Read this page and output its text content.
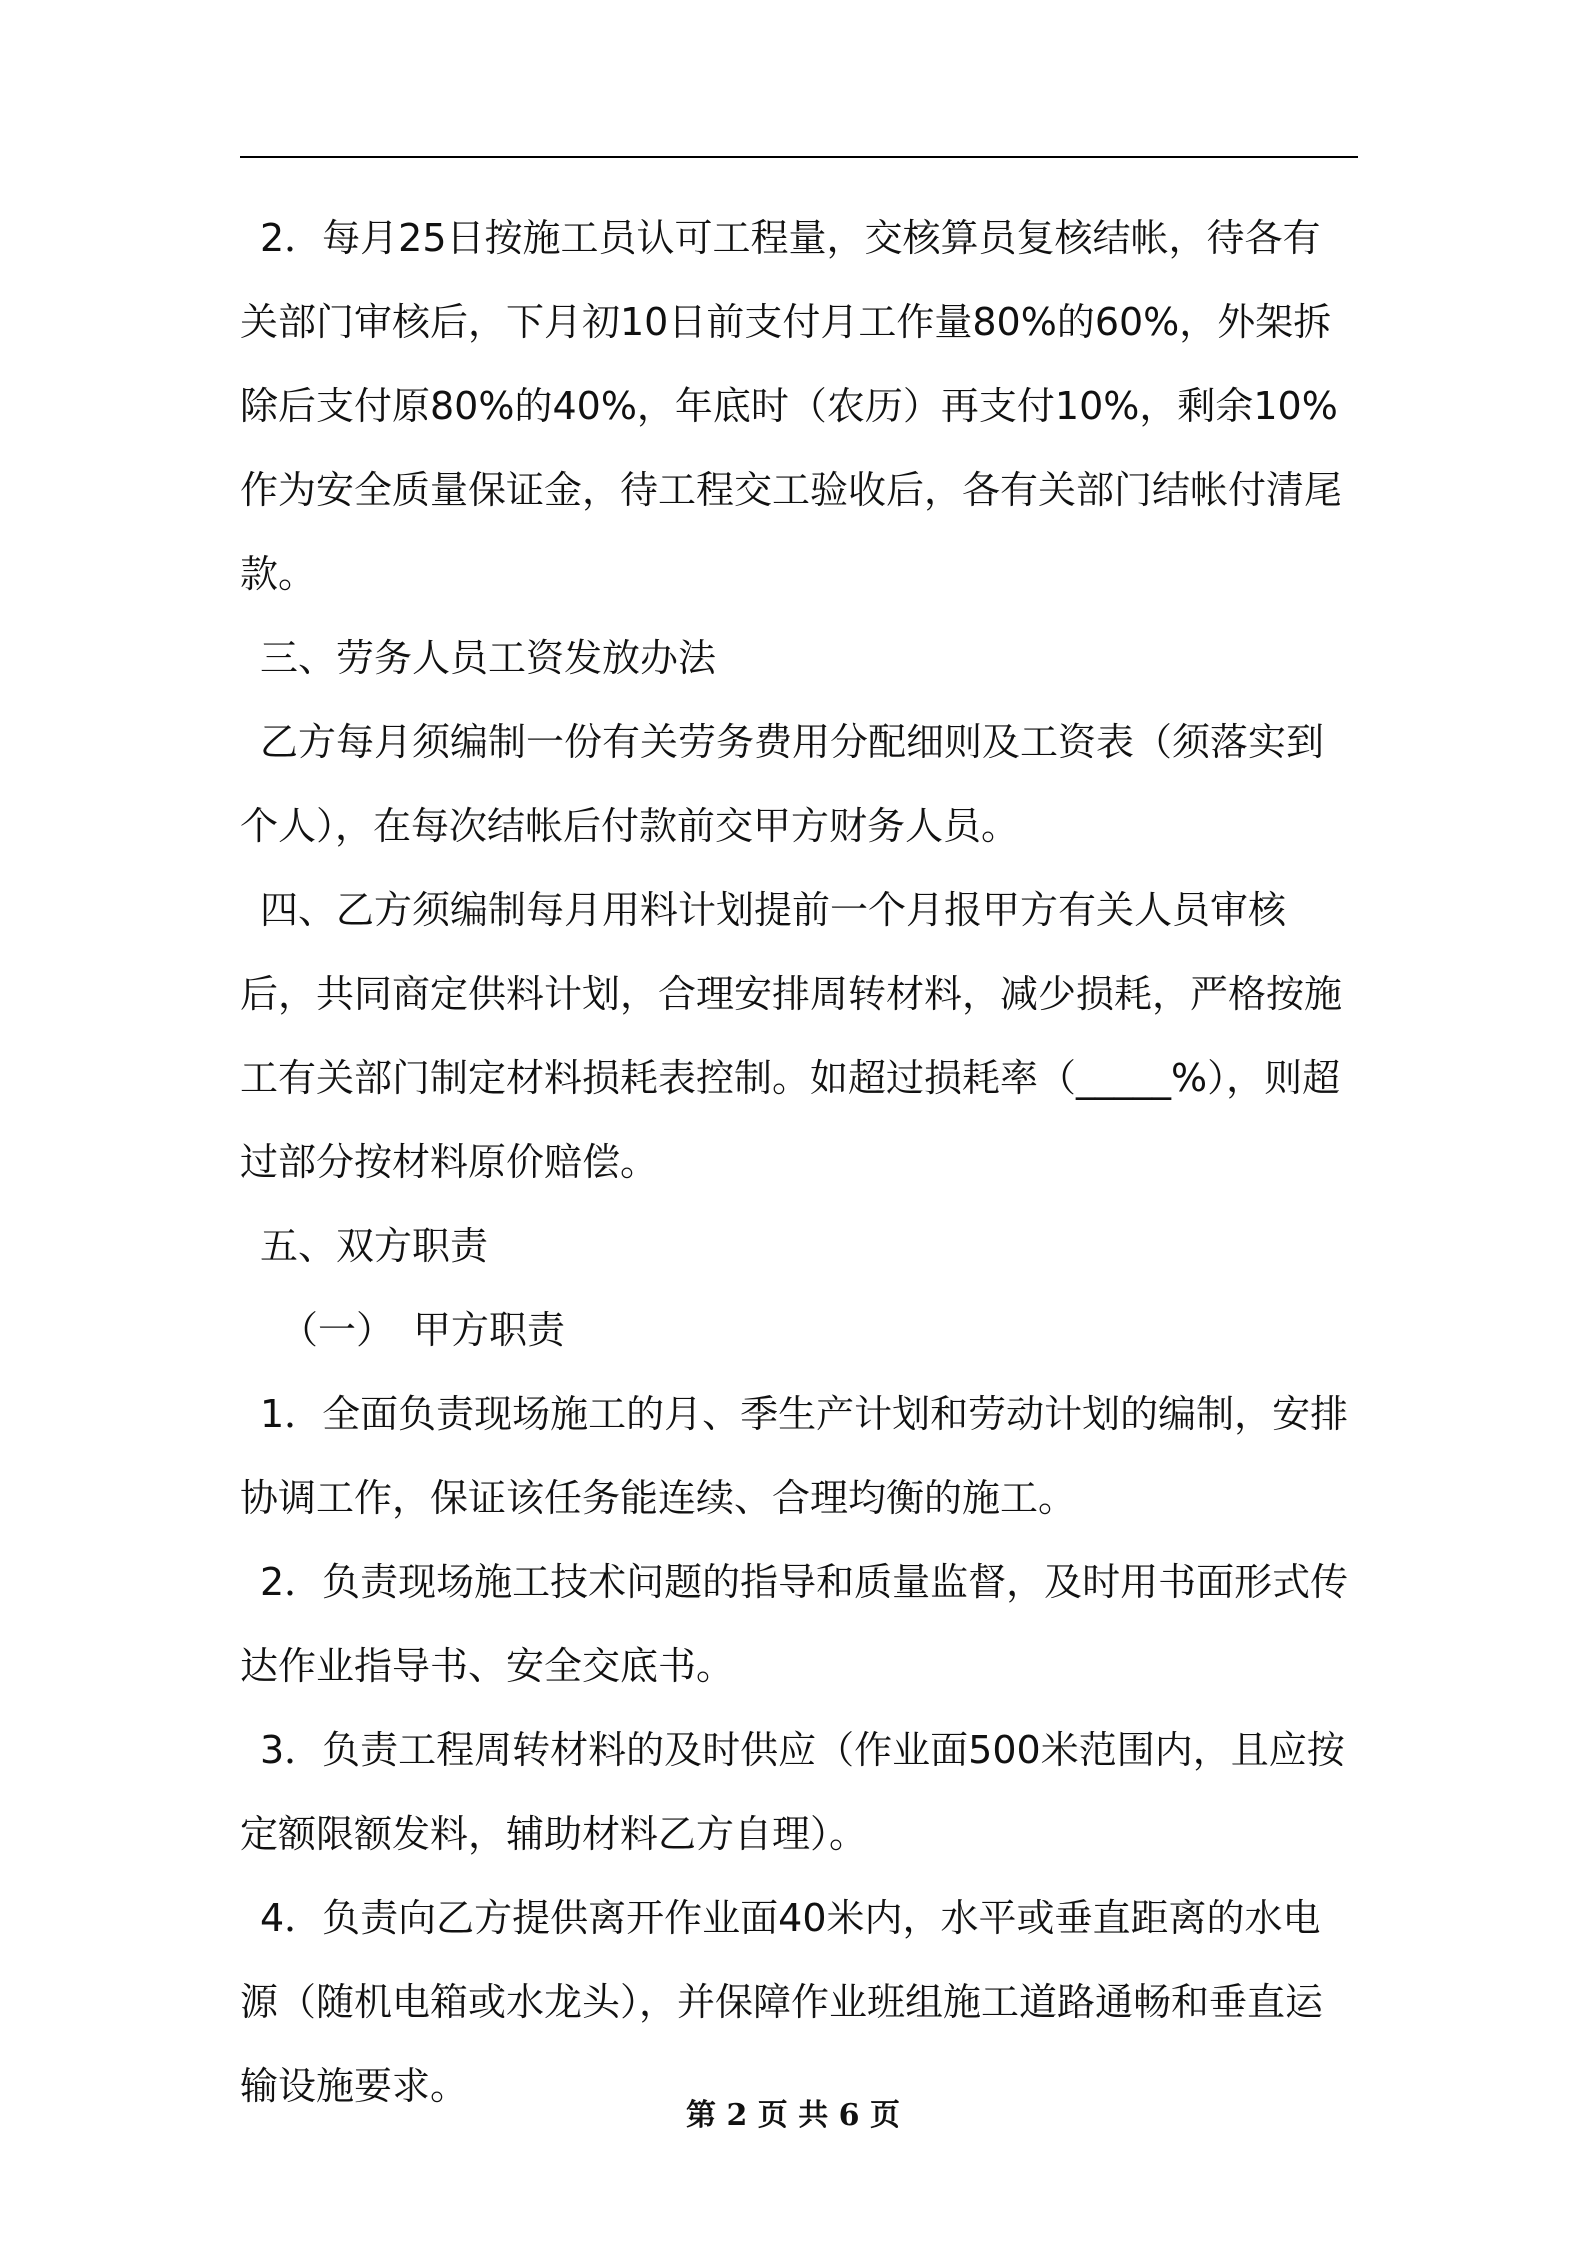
2．每月25日按施工员认可工程量，交核算员复核结帐，待各有关部门审核后，下月初10日前支付月工作量80%的60%，外架拆除后支付原80%的40%，年底时（农历）再支付10%，剩余10%作为安全质量保证金，待工程交工验收后，各有关部门结帐付清尾款。

三、劳务人员工资发放办法

乙方每月须编制一份有关劳务费用分配细则及工资表（须落实到个人），在每次结帐后付款前交甲方财务人员。

四、乙方须编制每月用料计划提前一个月报甲方有关人员审核后，共同商定供料计划，合理安排周转材料，减少损耗，严格按施工有关部门制定材料损耗表控制。如超过损耗率（_____%），则超过部分按材料原价赔偿。

五、双方职责

（一）　甲方职责

1．全面负责现场施工的月、季生产计划和劳动计划的编制，安排协调工作，保证该任务能连续、合理均衡的施工。

2．负责现场施工技术问题的指导和质量监督，及时用书面形式传达作业指导书、安全交底书。

3．负责工程周转材料的及时供应（作业面500米范围内，且应按定额限额发料，辅助材料乙方自理）。

4．负责向乙方提供离开作业面40米内，水平或垂直距离的水电源（随机电箱或水龙头），并保障作业班组施工道路通畅和垂直运输设施要求。

第 2 页 共 6 页
